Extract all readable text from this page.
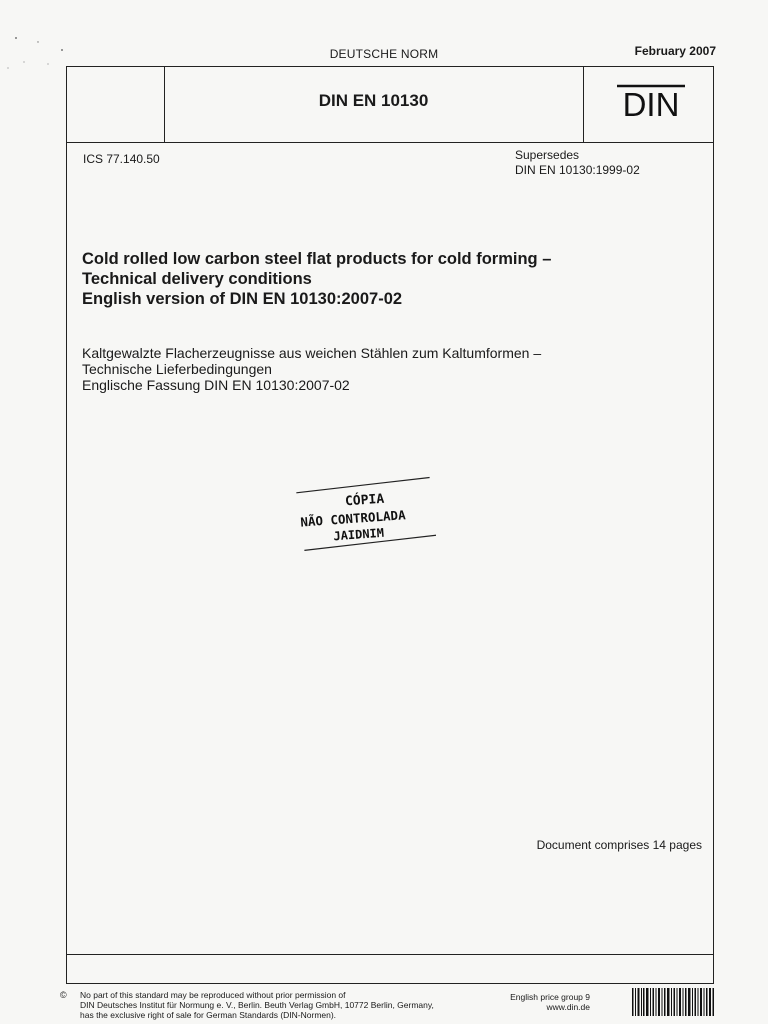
DEUTSCHE NORM	February 2007
DIN EN 10130	DIN
ICS 77.140.50	Supersedes
DIN EN 10130:1999-02
Cold rolled low carbon steel flat products for cold forming –
Technical delivery conditions
English version of DIN EN 10130:2007-02
Kaltgewalzte Flacherzeugnisse aus weichen Stählen zum Kaltumformen –
Technische Lieferbedingungen
Englische Fassung DIN EN 10130:2007-02
CÓPIA
NÃO CONTROLADA
JAIDNIM
Document comprises 14 pages
© No part of this standard may be reproduced without prior permission of
DIN Deutsches Institut für Normung e. V., Berlin. Beuth Verlag GmbH, 10772 Berlin, Germany,
has the exclusive right of sale for German Standards (DIN-Normen).
English price group 9
www.din.de
